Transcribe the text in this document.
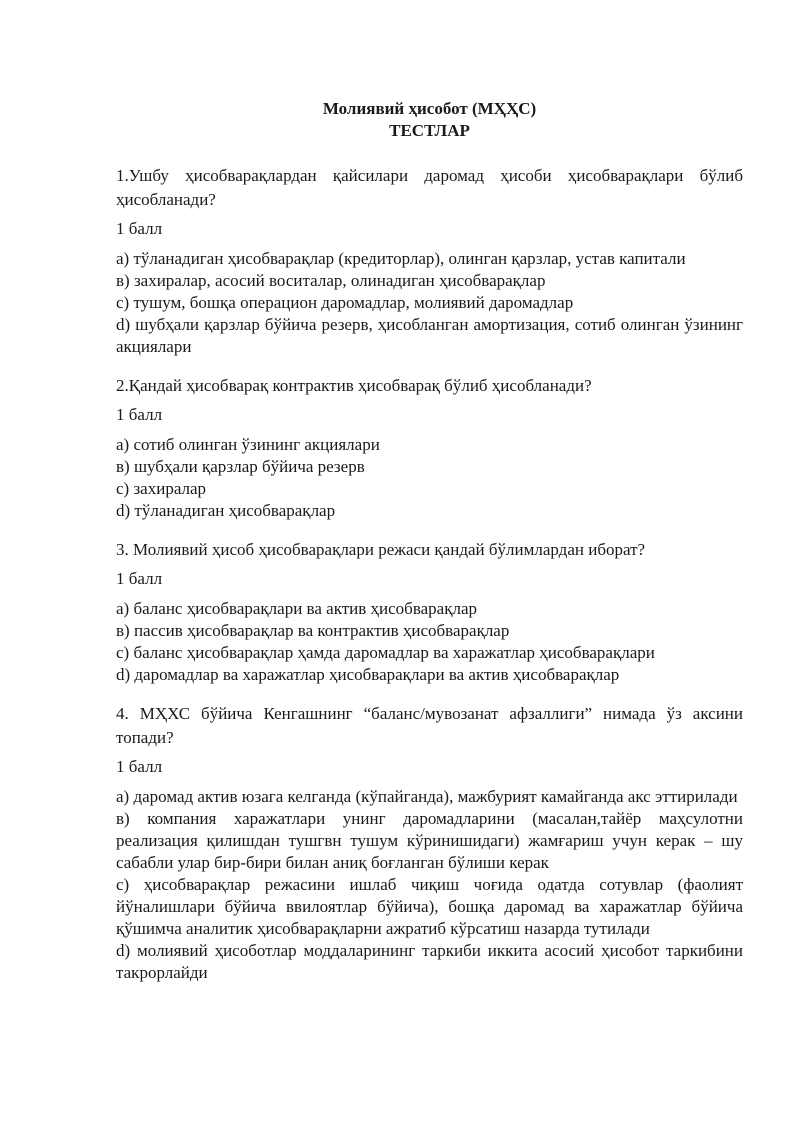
Молиявий ҳисобот (МҲҲС)
ТЕСТЛАР

1.Ушбу ҳисобварақлардан қайсилари даромад ҳисоби ҳисобварақлари бўлиб ҳисобланади?

1 балл

а) тўланадиган ҳисобварақлар (кредиторлар), олинган қарзлар, устав капитали

в) захиралар, асосий воситалар, олинадиган ҳисобварақлар

c) тушум, бошқа операцион даромадлар, молиявий даромадлар

d) шубҳали қарзлар бўйича резерв, ҳисобланган амортизация, сотиб олинган ўзининг акциялари

2.Қандай ҳисобварақ контрактив ҳисобварақ бўлиб ҳисобланади?

1 балл

а) сотиб олинган ўзининг акциялари

в) шубҳали қарзлар бўйича резерв

c) захиралар

d) тўланадиган ҳисобварақлар

3. Молиявий ҳисоб ҳисобварақлари режаси қандай бўлимлардан иборат?

1 балл

а) баланс ҳисобварақлари ва актив ҳисобварақлар

в) пассив ҳисобварақлар ва контрактив ҳисобварақлар

c) баланс ҳисобварақлар ҳамда даромадлар ва харажатлар ҳисобварақлари

d) даромадлар ва харажатлар ҳисобварақлари ва актив ҳисобварақлар

4. МҲХС бўйича Кенгашнинг “баланс/мувозанат афзаллиги” нимада ўз аксини топади?

1 балл

а) даромад актив юзага келганда (кўпайганда), мажбурият камайганда акс эттирилади

в) компания харажатлари унинг даромадларини (масалан,тайёр маҳсулотни реализация қилишдан тушгвн тушум кўринишидаги) жамғариш учун керак – шу сабабли улар бир-бири билан аниқ боғланган бўлиши керак

c) ҳисобварақлар режасини ишлаб чиқиш чоғида одатда сотувлар (фаолият йўналишлари бўйича ввилоятлар бўйича), бошқа даромад ва харажатлар бўйича қўшимча аналитик ҳисобварақларни ажратиб кўрсатиш назарда тутилади

d) молиявий ҳисоботлар моддаларининг таркиби иккита асосий ҳисобот таркибини такрорлайди
